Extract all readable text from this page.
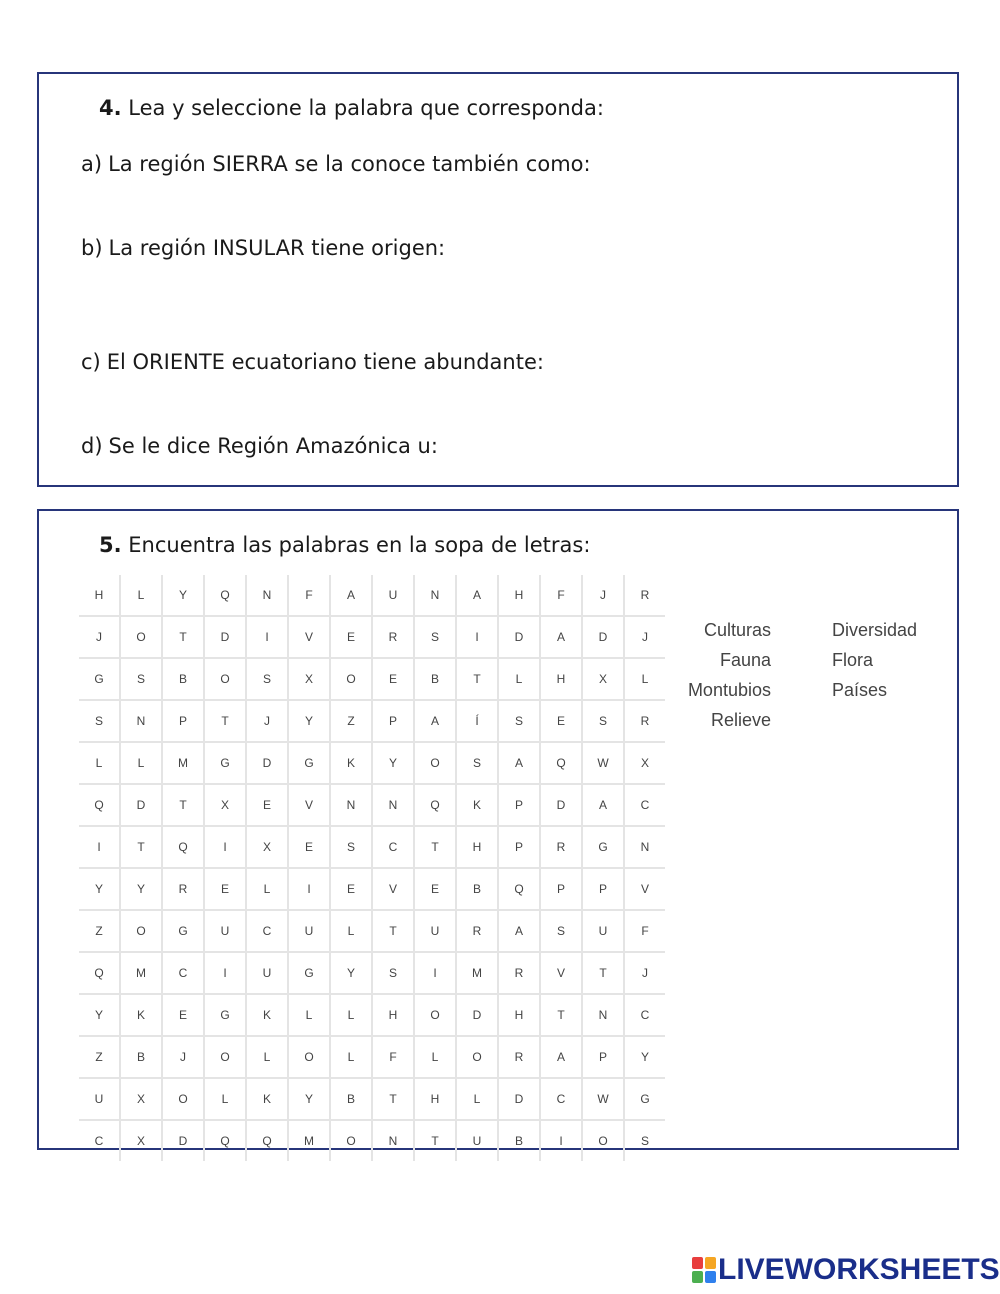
4. Lea y seleccione la palabra que corresponda:
a) La región SIERRA se la conoce también como:
b) La región INSULAR tiene origen:
c) El ORIENTE ecuatoriano tiene abundante:
d) Se le dice Región Amazónica u:
5. Encuentra las palabras en la sopa de letras:
H	L	Y	Q	N	F	A	U	N	A	H	F	J	R
J	O	T	D	I	V	E	R	S	I	D	A	D	J
G	S	B	O	S	X	O	E	B	T	L	H	X	L
S	N	P	T	J	Y	Z	P	A	Í	S	E	S	R
L	L	M	G	D	G	K	Y	O	S	A	Q	W	X
Q	D	T	X	E	V	N	N	Q	K	P	D	A	C
I	T	Q	I	X	E	S	C	T	H	P	R	G	N
Y	Y	R	E	L	I	E	V	E	B	Q	P	P	V
Z	O	G	U	C	U	L	T	U	R	A	S	U	F
Q	M	C	I	U	G	Y	S	I	M	R	V	T	J
Y	K	E	G	K	L	L	H	O	D	H	T	N	C
Z	B	J	O	L	O	L	F	L	O	R	A	P	Y
U	X	O	L	K	Y	B	T	H	L	D	C	W	G
C	X	D	Q	Q	M	O	N	T	U	B	I	O	S
Culturas
Fauna
Montubios
Relieve
Diversidad
Flora
Países
LIVEWORKSHEETS
